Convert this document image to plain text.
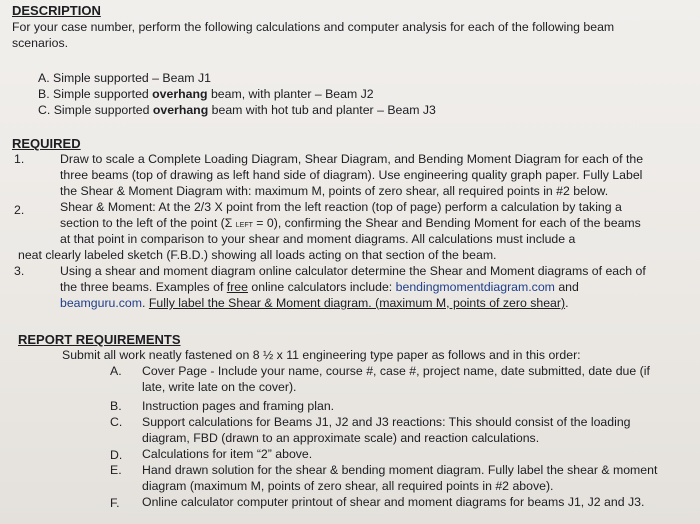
DESCRIPTION
For your case number, perform the following calculations and computer analysis for each of the following beam
scenarios.
A. Simple supported – Beam J1
B. Simple supported overhang beam, with planter – Beam J2
C. Simple supported overhang beam with hot tub and planter – Beam J3
REQUIRED
1.	Draw to scale a Complete Loading Diagram, Shear Diagram, and Bending Moment Diagram for each of the
three beams (top of drawing as left hand side of diagram). Use engineering quality graph paper. Fully Label
the Shear & Moment Diagram with: maximum M, points of zero shear, all required points in #2 below.
2.	Shear & Moment: At the 2/3 X point from the left reaction (top of page) perform a calculation by taking a
section to the left of the point (Σ LEFT = 0), confirming the Shear and Bending Moment for each of the beams
at that point in comparison to your shear and moment diagrams. All calculations must include a
neat clearly labeled sketch (F.B.D.) showing all loads acting on that section of the beam.
3.	Using a shear and moment diagram online calculator determine the Shear and Moment diagrams of each of
the three beams. Examples of free online calculators include: bendingmomentdiagram.com and
beamguru.com. Fully label the Shear & Moment diagram. (maximum M, points of zero shear).
REPORT REQUIREMENTS
Submit all work neatly fastened on 8 ½ x 11 engineering type paper as follows and in this order:
A. Cover Page - Include your name, course #, case #, project name, date submitted, date due (if
late, write late on the cover).
B. Instruction pages and framing plan.
C. Support calculations for Beams J1, J2 and J3 reactions: This should consist of the loading
diagram, FBD (drawn to an approximate scale) and reaction calculations.
D. Calculations for item “2” above.
E. Hand drawn solution for the shear & bending moment diagram. Fully label the shear & moment
diagram (maximum M, points of zero shear, all required points in #2 above).
F. Online calculator computer printout of shear and moment diagrams for beams J1, J2 and J3.
